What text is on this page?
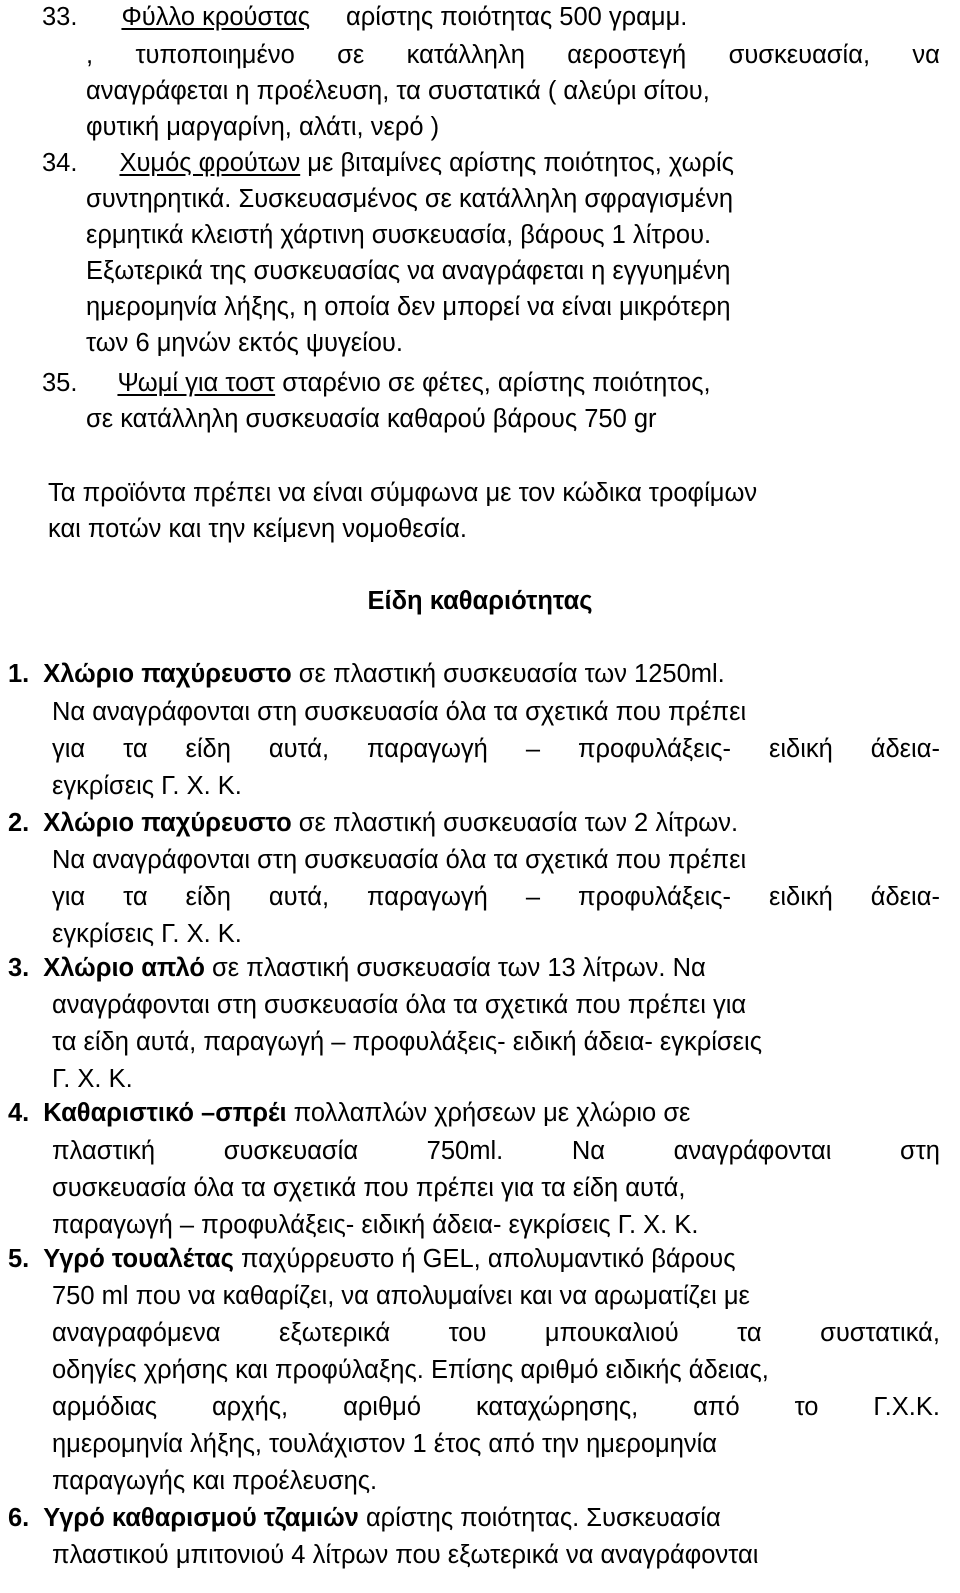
33. Φύλλο κρούστας αρίστης ποιότητας 500 γραμμ.
, τυποποιημένο σε κατάλληλη αεροστεγή συσκευασία, να
αναγράφεται η προέλευση, τα συστατικά ( αλεύρι σίτου,
φυτική μαργαρίνη, αλάτι, νερό )
34. Χυμός φρούτων με βιταμίνες αρίστης ποιότητος, χωρίς
συντηρητικά. Συσκευασμένος σε κατάλληλη σφραγισμένη
ερμητικά κλειστή χάρτινη συσκευασία, βάρους 1 λίτρου.
Εξωτερικά της συσκευασίας να αναγράφεται η εγγυημένη
ημερομηνία λήξης, η οποία δεν μπορεί να είναι μικρότερη
των 6 μηνών εκτός ψυγείου.
35. Ψωμί για τοστ σταρένιο σε φέτες, αρίστης ποιότητος,
σε κατάλληλη συσκευασία καθαρού βάρους 750 gr
Τα προϊόντα πρέπει να είναι σύμφωνα με τον κώδικα τροφίμων
και ποτών και την κείμενη νομοθεσία.
Είδη καθαριότητας
1. Χλώριο παχύρευστο σε πλαστική συσκευασία των 1250ml.
Να αναγράφονται στη συσκευασία όλα τα σχετικά που πρέπει
για τα είδη αυτά, παραγωγή – προφυλάξεις- ειδική άδεια-
εγκρίσεις Γ. Χ. Κ.
2. Χλώριο παχύρευστο σε πλαστική συσκευασία των 2 λίτρων.
Να αναγράφονται στη συσκευασία όλα τα σχετικά που πρέπει
για τα είδη αυτά, παραγωγή – προφυλάξεις- ειδική άδεια-
εγκρίσεις Γ. Χ. Κ.
3. Χλώριο απλό σε πλαστική συσκευασία των 13 λίτρων. Να
αναγράφονται στη συσκευασία όλα τα σχετικά που πρέπει για
τα είδη αυτά, παραγωγή – προφυλάξεις- ειδική άδεια- εγκρίσεις
Γ. Χ. Κ.
4. Καθαριστικό –σπρέι πολλαπλών χρήσεων με χλώριο σε
πλαστική	συσκευασία	750ml.	Να	αναγράφονται	στη
συσκευασία όλα τα σχετικά που πρέπει για τα είδη αυτά,
παραγωγή – προφυλάξεις- ειδική άδεια- εγκρίσεις Γ. Χ. Κ.
5. Υγρό τουαλέτας παχύρρευστο ή GEL, απολυμαντικό βάρους
750 ml που να καθαρίζει, να απολυμαίνει και να αρωματίζει με
αναγραφόμενα εξωτερικά του μπουκαλιού τα συστατικά,
οδηγίες χρήσης και προφύλαξης. Επίσης αριθμό ειδικής άδειας,
αρμόδιας αρχής, αριθμό καταχώρησης, από το Γ.Χ.Κ.
ημερομηνία λήξης, τουλάχιστον 1 έτος από την ημερομηνία
παραγωγής και προέλευσης.
6. Υγρό καθαρισμού τζαμιών αρίστης ποιότητας. Συσκευασία
πλαστικού μπιτονιού 4 λίτρων που εξωτερικά να αναγράφονται
